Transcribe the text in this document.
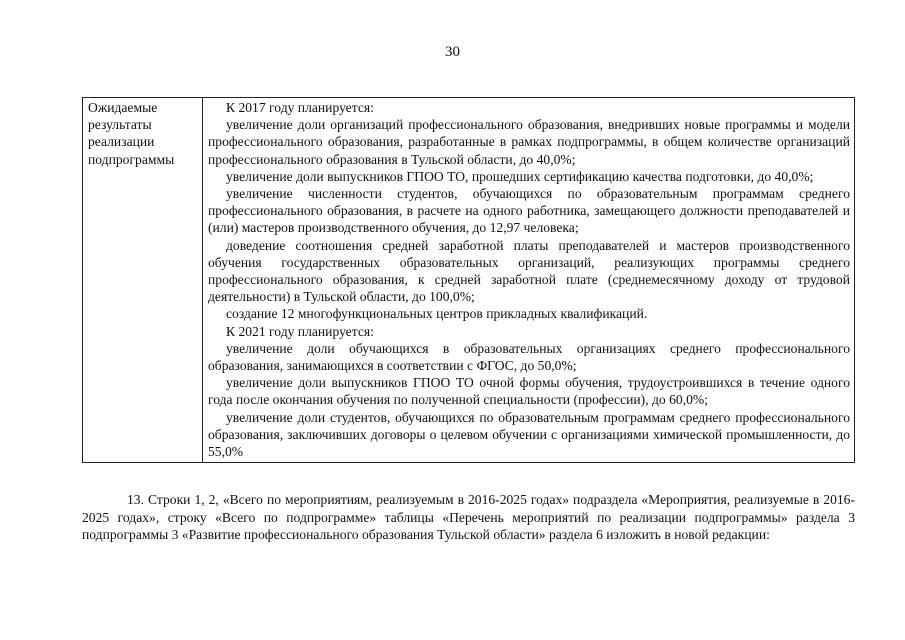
30
Ожидаемые результаты реализации подпрограммы	

К 2017 году планируется:

увеличение доли организаций профессионального образования, внедривших новые программы и модели профессионального образования, разработанные в рамках подпрограммы, в общем количестве организаций профессионального образования в Тульской области, до 40,0%;

увеличение доли выпускников ГПОО ТО, прошедших сертификацию качества подготовки, до 40,0%;

увеличение численности студентов, обучающихся по образовательным программам среднего профессионального образования, в расчете на одного работника, замещающего должности преподавателей и (или) мастеров производственного обучения, до 12,97 человека;

доведение соотношения средней заработной платы преподавателей и мастеров производственного обучения государственных образовательных организаций, реализующих программы среднего профессионального образования, к средней заработной плате (среднемесячному доходу от трудовой деятельности) в Тульской области, до 100,0%;

создание 12 многофункциональных центров прикладных квалификаций.

К 2021 году планируется:

увеличение доли обучающихся в образовательных организациях среднего профессионального образования, занимающихся в соответствии с ФГОС, до 50,0%;

увеличение доли выпускников ГПОО ТО очной формы обучения, трудоустроившихся в течение одного года после окончания обучения по полученной специальности (профессии), до 60,0%;

увеличение доли студентов, обучающихся по образовательным программам среднего профессионального образования, заключивших договоры о целевом обучении с организациями химической промышленности, до 55,0%

13. Строки 1, 2, «Всего по мероприятиям, реализуемым в 2016-2025 годах» подраздела «Мероприятия, реализуемые в 2016-2025 годах», строку «Всего по подпрограмме» таблицы «Перечень мероприятий по реализации подпрограммы» раздела 3 подпрограммы 3 «Развитие профессионального образования Тульской области» раздела 6 изложить в новой редакции:
